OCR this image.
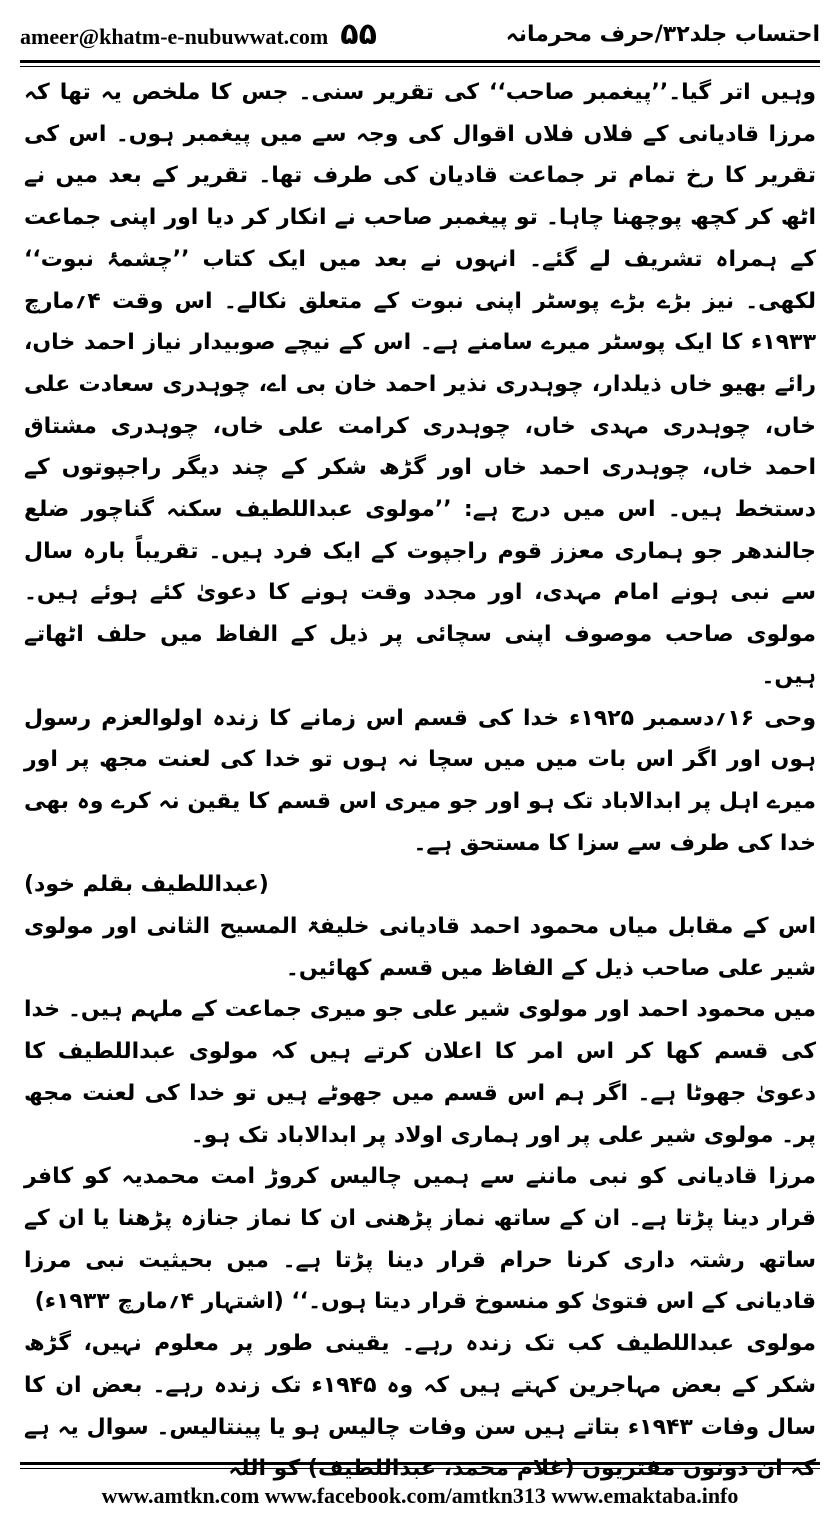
ameer@khatm-e-nubuwwat.com ۵۵	احتساب جلد۳۲/حرف محرمانہ

وہیں اتر گیا۔’’پیغمبر صاحب‘‘ کی تقریر سنی۔ جس کا ملخص یہ تھا کہ مرزا قادیانی کے فلاں فلاں اقوال کی وجہ سے میں پیغمبر ہوں۔ اس کی تقریر کا رخ تمام تر جماعت قادیان کی طرف تھا۔ تقریر کے بعد میں نے اٹھ کر کچھ پوچھنا چاہا۔ تو پیغمبر صاحب نے انکار کر دیا اور اپنی جماعت کے ہمراہ تشریف لے گئے۔ انہوں نے بعد میں ایک کتاب ’’چشمۂ نبوت‘‘ لکھی۔ نیز بڑے بڑے پوسٹر اپنی نبوت کے متعلق نکالے۔ اس وقت ۴؍مارچ ۱۹۳۳ء کا ایک پوسٹر میرے سامنے ہے۔ اس کے نیچے صوبیدار نیاز احمد خاں، رائے بھیو خاں ذیلدار، چوہدری نذیر احمد خان بی اے، چوہدری سعادت علی خاں، چوہدری مہدی خاں، چوہدری کرامت علی خاں، چوہدری مشتاق احمد خاں، چوہدری احمد خاں اور گڑھ شکر کے چند دیگر راجپوتوں کے دستخط ہیں۔ اس میں درج ہے: ’’مولوی عبداللطیف سکنہ گناچور ضلع جالندھر جو ہماری معزز قوم راجپوت کے ایک فرد ہیں۔ تقریباً بارہ سال سے نبی ہونے امام مہدی، اور مجدد وقت ہونے کا دعویٰ کئے ہوئے ہیں۔ مولوی صاحب موصوف اپنی سچائی پر ذیل کے الفاظ میں حلف اٹھاتے ہیں۔

وحی ۱۶؍دسمبر ۱۹۲۵ء خدا کی قسم اس زمانے کا زندہ اولوالعزم رسول ہوں اور اگر اس بات میں میں سچا نہ ہوں تو خدا کی لعنت مجھ پر اور میرے اہل پر ابدالاباد تک ہو اور جو میری اس قسم کا یقین نہ کرے وہ بھی خدا کی طرف سے سزا کا مستحق ہے۔

(عبداللطیف بقلم خود)

اس کے مقابل میاں محمود احمد قادیانی خلیفۃ المسیح الثانی اور مولوی شیر علی صاحب ذیل کے الفاظ میں قسم کھائیں۔

میں محمود احمد اور مولوی شیر علی جو میری جماعت کے ملہم ہیں۔ خدا کی قسم کھا کر اس امر کا اعلان کرتے ہیں کہ مولوی عبداللطیف کا دعویٰ جھوٹا ہے۔ اگر ہم اس قسم میں جھوٹے ہیں تو خدا کی لعنت مجھ پر۔ مولوی شیر علی پر اور ہماری اولاد پر ابدالاباد تک ہو۔

مرزا قادیانی کو نبی ماننے سے ہمیں چالیس کروڑ امت محمدیہ کو کافر قرار دینا پڑتا ہے۔ ان کے ساتھ نماز پڑھنی ان کا نماز جنازہ پڑھنا یا ان کے ساتھ رشتہ داری کرنا حرام قرار دینا پڑتا ہے۔ میں بحیثیت نبی مرزا قادیانی کے اس فتویٰ کو منسوخ قرار دیتا ہوں۔‘‘ (اشتہار ۴؍مارچ ۱۹۳۳ء)

مولوی عبداللطیف کب تک زندہ رہے۔ یقینی طور پر معلوم نہیں، گڑھ شکر کے بعض مہاجرین کہتے ہیں کہ وہ ۱۹۴۵ء تک زندہ رہے۔ بعض ان کا سال وفات ۱۹۴۳ء بتاتے ہیں سن وفات چالیس ہو یا پینتالیس۔ سوال یہ ہے کہ ان دونوں مفتریوں (غلام محمد، عبداللطیف) کو اللہ

www.amtkn.com www.facebook.com/amtkn313 www.emaktaba.info
